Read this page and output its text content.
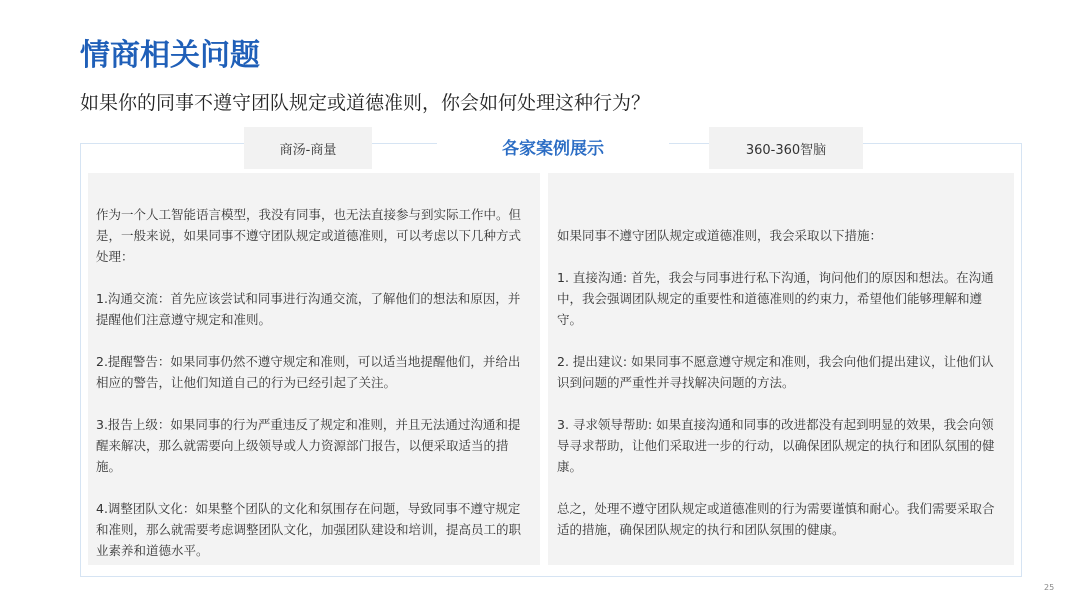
情商相关问题
如果你的同事不遵守团队规定或道德准则，你会如何处理这种行为？
商汤-商量	360-360智脑
各家案例展示

作为一个人工智能语言模型，我没有同事，也无法直接参与到实际工作中。但是，一般来说，如果同事不遵守团队规定或道德准则，可以考虑以下几种方式处理：

1.沟通交流：首先应该尝试和同事进行沟通交流，了解他们的想法和原因，并提醒他们注意遵守规定和准则。

2.提醒警告：如果同事仍然不遵守规定和准则，可以适当地提醒他们，并给出相应的警告，让他们知道自己的行为已经引起了关注。

3.报告上级：如果同事的行为严重违反了规定和准则，并且无法通过沟通和提醒来解决，那么就需要向上级领导或人力资源部门报告，以便采取适当的措施。

4.调整团队文化：如果整个团队的文化和氛围存在问题，导致同事不遵守规定和准则，那么就需要考虑调整团队文化，加强团队建设和培训，提高员工的职业素养和道德水平。

如果同事不遵守团队规定或道德准则，我会采取以下措施：

1. 直接沟通: 首先，我会与同事进行私下沟通，询问他们的原因和想法。在沟通中，我会强调团队规定的重要性和道德准则的约束力，希望他们能够理解和遵守。

2. 提出建议: 如果同事不愿意遵守规定和准则，我会向他们提出建议，让他们认识到问题的严重性并寻找解决问题的方法。

3. 寻求领导帮助: 如果直接沟通和同事的改进都没有起到明显的效果，我会向领导寻求帮助，让他们采取进一步的行动，以确保团队规定的执行和团队氛围的健康。

总之，处理不遵守团队规定或道德准则的行为需要谨慎和耐心。我们需要采取合适的措施，确保团队规定的执行和团队氛围的健康。

25
